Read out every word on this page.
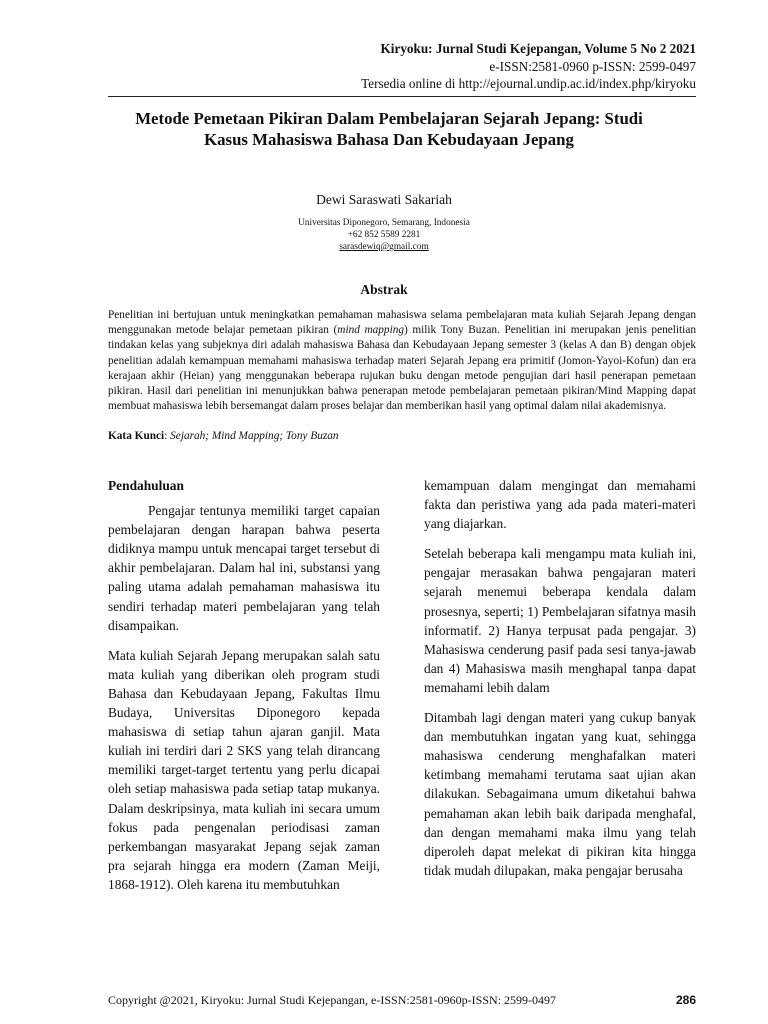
Kiryoku: Jurnal Studi Kejepangan, Volume 5 No 2 2021
e-ISSN:2581-0960 p-ISSN: 2599-0497
Tersedia online di http://ejournal.undip.ac.id/index.php/kiryoku
Metode Pemetaan Pikiran Dalam Pembelajaran Sejarah Jepang: Studi
Kasus Mahasiswa Bahasa Dan Kebudayaan Jepang
Dewi Saraswati Sakariah
Universitas Diponegoro, Semarang, Indonesia
+62 852 5589 2281
sarasdewiq@gmail.com
Abstrak
Penelitian ini bertujuan untuk meningkatkan pemahaman mahasiswa selama pembelajaran mata kuliah Sejarah Jepang dengan menggunakan metode belajar pemetaan pikiran (mind mapping) milik Tony Buzan. Penelitian ini merupakan jenis penelitian tindakan kelas yang subjeknya diri adalah mahasiswa Bahasa dan Kebudayaan Jepang semester 3 (kelas A dan B) dengan objek penelitian adalah kemampuan memahami mahasiswa terhadap materi Sejarah Jepang era primitif (Jomon-Yayoi-Kofun) dan era kerajaan akhir (Heian) yang menggunakan beberapa rujukan buku dengan metode pengujian dari hasil penerapan pemetaan pikiran. Hasil dari penelitian ini menunjukkan bahwa penerapan metode pembelajaran pemetaan pikiran/Mind Mapping dapat membuat mahasiswa lebih bersemangat dalam proses belajar dan memberikan hasil yang optimal dalam nilai akademisnya.
Kata Kunci: Sejarah; Mind Mapping; Tony Buzan
Pendahuluan

Pengajar tentunya memiliki target capaian pembelajaran dengan harapan bahwa peserta didiknya mampu untuk mencapai target tersebut di akhir pembelajaran. Dalam hal ini, substansi yang paling utama adalah pemahaman mahasiswa itu sendiri terhadap materi pembelajaran yang telah disampaikan.

Mata kuliah Sejarah Jepang merupakan salah satu mata kuliah yang diberikan oleh program studi Bahasa dan Kebudayaan Jepang, Fakultas Ilmu Budaya, Universitas Diponegoro kepada mahasiswa di setiap tahun ajaran ganjil. Mata kuliah ini terdiri dari 2 SKS yang telah dirancang memiliki target-target tertentu yang perlu dicapai oleh setiap mahasiswa pada setiap tatap mukanya. Dalam deskripsinya, mata kuliah ini secara umum fokus pada pengenalan periodisasi zaman perkembangan masyarakat Jepang sejak zaman pra sejarah hingga era modern (Zaman Meiji, 1868-1912). Oleh karena itu membutuhkan

kemampuan dalam mengingat dan memahami fakta dan peristiwa yang ada pada materi-materi yang diajarkan.

Setelah beberapa kali mengampu mata kuliah ini, pengajar merasakan bahwa pengajaran materi sejarah menemui beberapa kendala dalam prosesnya, seperti; 1) Pembelajaran sifatnya masih informatif. 2) Hanya terpusat pada pengajar. 3) Mahasiswa cenderung pasif pada sesi tanya-jawab dan 4) Mahasiswa masih menghapal tanpa dapat memahami lebih dalam

Ditambah lagi dengan materi yang cukup banyak dan membutuhkan ingatan yang kuat, sehingga mahasiswa cenderung menghafalkan materi ketimbang memahami terutama saat ujian akan dilakukan. Sebagaimana umum diketahui bahwa pemahaman akan lebih baik daripada menghafal, dan dengan memahami maka ilmu yang telah diperoleh dapat melekat di pikiran kita hingga tidak mudah dilupakan, maka pengajar berusaha

Copyright @2021, Kiryoku: Jurnal Studi Kejepangan, e-ISSN:2581-0960p-ISSN: 2599-0497	286
